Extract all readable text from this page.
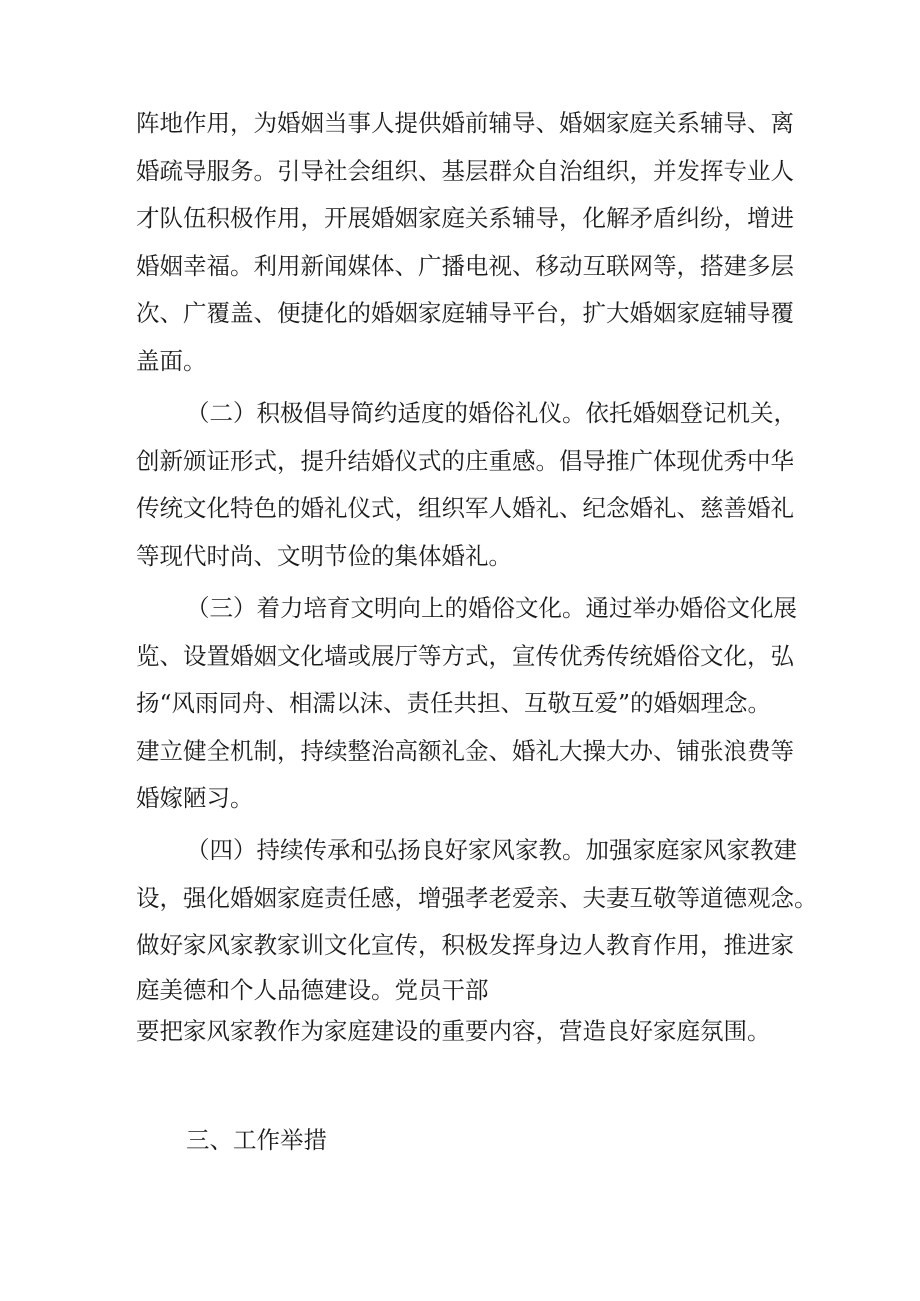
阵地作用，为婚姻当事人提供婚前辅导、婚姻家庭关系辅导、离

婚疏导服务。引导社会组织、基层群众自治组织，并发挥专业人

才队伍积极作用，开展婚姻家庭关系辅导，化解矛盾纠纷，增进

婚姻幸福。利用新闻媒体、广播电视、移动互联网等，搭建多层

次、广覆盖、便捷化的婚姻家庭辅导平台，扩大婚姻家庭辅导覆

盖面。

（二）积极倡导简约适度的婚俗礼仪。依托婚姻登记机关，

创新颁证形式，提升结婚仪式的庄重感。倡导推广体现优秀中华

传统文化特色的婚礼仪式，组织军人婚礼、纪念婚礼、慈善婚礼

等现代时尚、文明节俭的集体婚礼。

（三）着力培育文明向上的婚俗文化。通过举办婚俗文化展

览、设置婚姻文化墙或展厅等方式，宣传优秀传统婚俗文化，弘

扬“风雨同舟、相濡以沫、责任共担、互敬互爱”的婚姻理念。

建立健全机制，持续整治高额礼金、婚礼大操大办、铺张浪费等

婚嫁陋习。

（四）持续传承和弘扬良好家风家教。加强家庭家风家教建

设，强化婚姻家庭责任感，增强孝老爱亲、夫妻互敬等道德观念。

做好家风家教家训文化宣传，积极发挥身边人教育作用，推进家

庭美德和个人品德建设。党员干部

要把家风家教作为家庭建设的重要内容，营造良好家庭氛围。

三、工作举措
